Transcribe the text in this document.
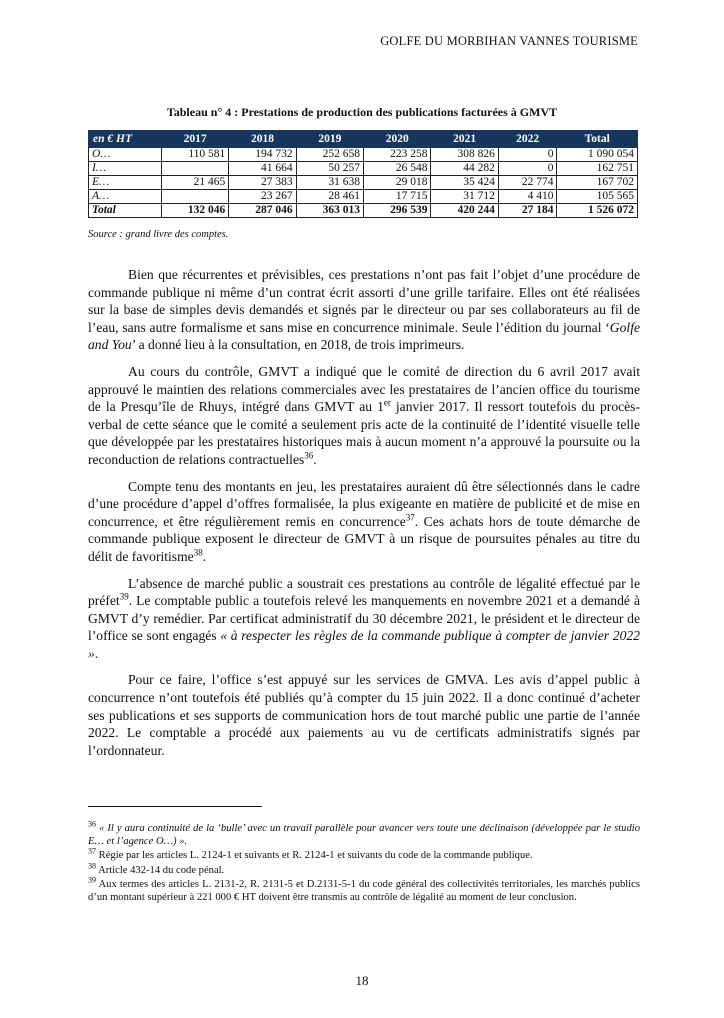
GOLFE DU MORBIHAN VANNES TOURISME
Tableau n° 4 : Prestations de production des publications facturées à GMVT
en € HT	2017	2018	2019	2020	2021	2022	Total
O…	110 581	194 732	252 658	223 258	308 826	0	1 090 054
I…		41 664	50 257	26 548	44 282	0	162 751
E…	21 465	27 383	31 638	29 018	35 424	22 774	167 702
A…		23 267	28 461	17 715	31 712	4 410	105 565
Total	132 046	287 046	363 013	296 539	420 244	27 184	1 526 072
Source : grand livre des comptes.

Bien que récurrentes et prévisibles, ces prestations n’ont pas fait l’objet d’une procédure de commande publique ni même d’un contrat écrit assorti d’une grille tarifaire. Elles ont été réalisées sur la base de simples devis demandés et signés par le directeur ou par ses collaborateurs au fil de l’eau, sans autre formalisme et sans mise en concurrence minimale. Seule l’édition du journal ‘Golfe and You’ a donné lieu à la consultation, en 2018, de trois imprimeurs.

Au cours du contrôle, GMVT a indiqué que le comité de direction du 6 avril 2017 avait approuvé le maintien des relations commerciales avec les prestataires de l’ancien office du tourisme de la Presqu’île de Rhuys, intégré dans GMVT au 1er janvier 2017. Il ressort toutefois du procès-verbal de cette séance que le comité a seulement pris acte de la continuité de l’identité visuelle telle que développée par les prestataires historiques mais à aucun moment n’a approuvé la poursuite ou la reconduction de relations contractuelles$^{36}$.

Compte tenu des montants en jeu, les prestataires auraient dû être sélectionnés dans le cadre d’une procédure d’appel d’offres formalisée, la plus exigeante en matière de publicité et de mise en concurrence, et être régulièrement remis en concurrence$^{37}$. Ces achats hors de toute démarche de commande publique exposent le directeur de GMVT à un risque de poursuites pénales au titre du délit de favoritisme$^{38}$.

L’absence de marché public a soustrait ces prestations au contrôle de légalité effectué par le préfet$^{39}$. Le comptable public a toutefois relevé les manquements en novembre 2021 et a demandé à GMVT d’y remédier. Par certificat administratif du 30 décembre 2021, le président et le directeur de l’office se sont engagés « à respecter les règles de la commande publique à compter de janvier 2022 ».

Pour ce faire, l’office s’est appuyé sur les services de GMVA. Les avis d’appel public à concurrence n’ont toutefois été publiés qu’à compter du 15 juin 2022. Il a donc continué d’acheter ses publications et ses supports de communication hors de tout marché public une partie de l’année 2022. Le comptable a procédé aux paiements au vu de certificats administratifs signés par l’ordonnateur.

$^{36}$ « Il y aura continuité de la ‘bulle’ avec un travail parallèle pour avancer vers toute une déclinaison (développée par le studio E… et l’agence O…) ».
$^{37}$ Régie par les articles L. 2124-1 et suivants et R. 2124-1 et suivants du code de la commande publique.
$^{38}$ Article 432-14 du code pénal.
$^{39}$ Aux termes des articles L. 2131-2, R. 2131-5 et D.2131-5-1 du code général des collectivités territoriales, les marchés publics d’un montant supérieur à 221 000 € HT doivent être transmis au contrôle de légalité au moment de leur conclusion.
18
